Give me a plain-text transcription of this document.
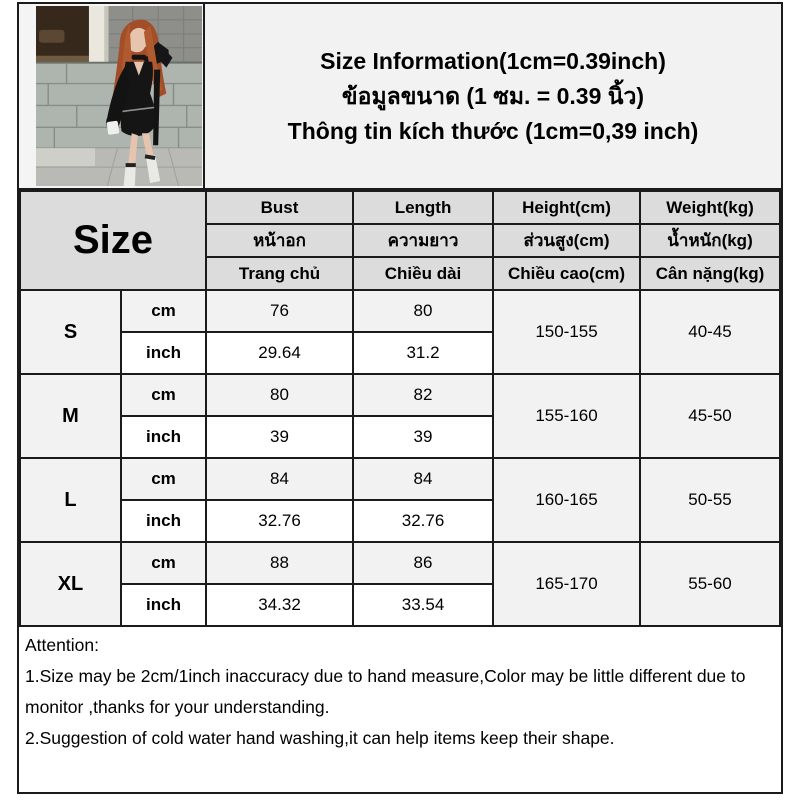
Size Information(1cm=0.39inch)
ข้อมูลขนาด (1 ซม. = 0.39 นิ้ว)
Thông tin kích thước (1cm=0,39 inch)
Size		Bust	Length	Height(cm)	Weight(kg)
		หน้าอก	ความยาว	ส่วนสูง(cm)	น้ำหนัก(kg)
		Trang chủ	Chiều dài	Chiều cao(cm)	Cân nặng(kg)
S	cm	76	80	150-155	40-45
	inch	29.64	31.2		
M	cm	80	82	155-160	45-50
	inch	39	39		
L	cm	84	84	160-165	50-55
	inch	32.76	32.76		
XL	cm	88	86	165-170	55-60
	inch	34.32	33.54		
Attention:
1.Size may be 2cm/1inch inaccuracy due to hand measure,Color may be little different due to monitor ,thanks for your understanding.
2.Suggestion of cold water hand washing,it can help items keep their shape.
